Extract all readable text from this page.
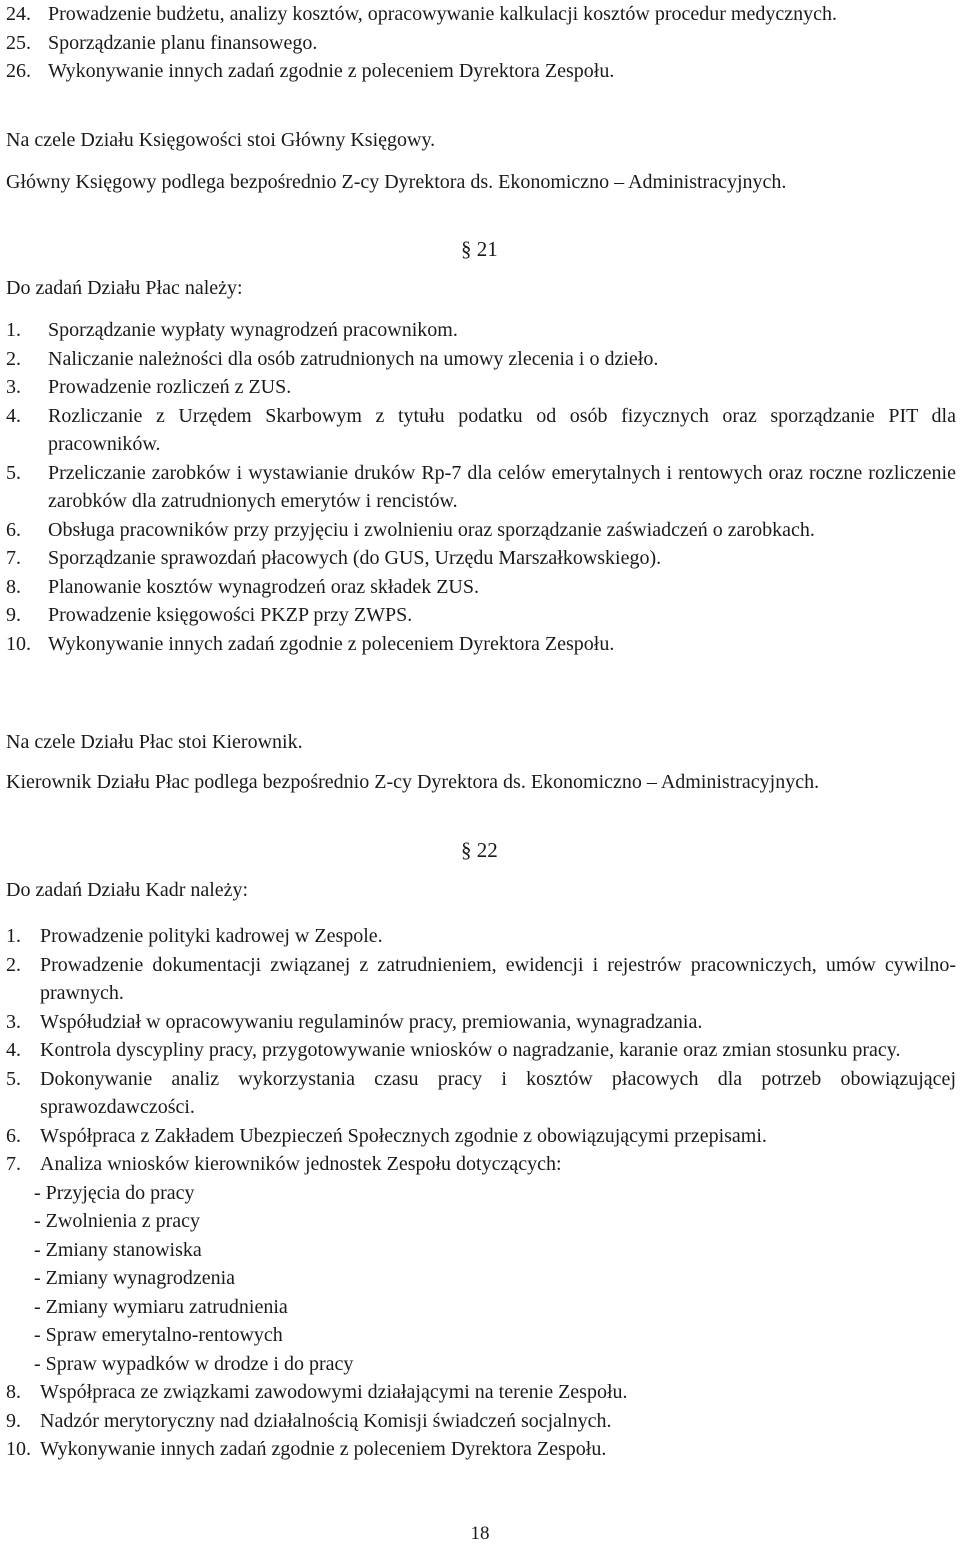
24. Prowadzenie budżetu, analizy kosztów, opracowywanie kalkulacji kosztów procedur medycznych.
25. Sporządzanie planu finansowego.
26. Wykonywanie innych zadań zgodnie z poleceniem Dyrektora Zespołu.
Na czele Działu Księgowości stoi Główny Księgowy.
Główny Księgowy podlega bezpośrednio Z-cy Dyrektora ds. Ekonomiczno – Administracyjnych.
§ 21
Do zadań Działu Płac należy:
1.	Sporządzanie wypłaty wynagrodzeń pracownikom.
2.	Naliczanie należności dla osób zatrudnionych na umowy zlecenia i o dzieło.
3.	Prowadzenie rozliczeń z ZUS.
4.	Rozliczanie z Urzędem Skarbowym z tytułu podatku od osób fizycznych oraz sporządzanie PIT dla pracowników.
5.	Przeliczanie zarobków i wystawianie druków Rp-7 dla celów emerytalnych i rentowych oraz roczne rozliczenie zarobków dla zatrudnionych emerytów i rencistów.
6.	Obsługa pracowników przy przyjęciu i zwolnieniu oraz sporządzanie zaświadczeń o zarobkach.
7.	Sporządzanie sprawozdań płacowych (do GUS, Urzędu Marszałkowskiego).
8.	Planowanie kosztów wynagrodzeń oraz składek ZUS.
9.	Prowadzenie księgowości PKZP przy ZWPS.
10. Wykonywanie innych zadań zgodnie z poleceniem Dyrektora Zespołu.
Na czele Działu Płac stoi Kierownik.
Kierownik Działu Płac podlega bezpośrednio Z-cy Dyrektora ds. Ekonomiczno – Administracyjnych.
§ 22
Do zadań Działu Kadr należy:
1. Prowadzenie polityki kadrowej w Zespole.
2. Prowadzenie dokumentacji związanej z zatrudnieniem, ewidencji i rejestrów pracowniczych, umów cywilno-prawnych.
3. Współudział w opracowywaniu regulaminów pracy, premiowania, wynagradzania.
4. Kontrola dyscypliny pracy, przygotowywanie wniosków o nagradzanie, karanie oraz zmian stosunku pracy.
5. Dokonywanie analiz wykorzystania czasu pracy i kosztów płacowych dla potrzeb obowiązującej sprawozdawczości.
6. Współpraca z Zakładem Ubezpieczeń Społecznych zgodnie z obowiązującymi przepisami.
7. Analiza wniosków kierowników jednostek Zespołu dotyczących:
- Przyjęcia do pracy
- Zwolnienia z pracy
- Zmiany stanowiska
- Zmiany wynagrodzenia
- Zmiany wymiaru zatrudnienia
- Spraw emerytalno-rentowych
- Spraw wypadków w drodze i do pracy
8. Współpraca ze związkami zawodowymi działającymi na terenie Zespołu.
9. Nadzór merytoryczny nad działalnością Komisji świadczeń socjalnych.
10. Wykonywanie innych zadań zgodnie z poleceniem Dyrektora Zespołu.
18
